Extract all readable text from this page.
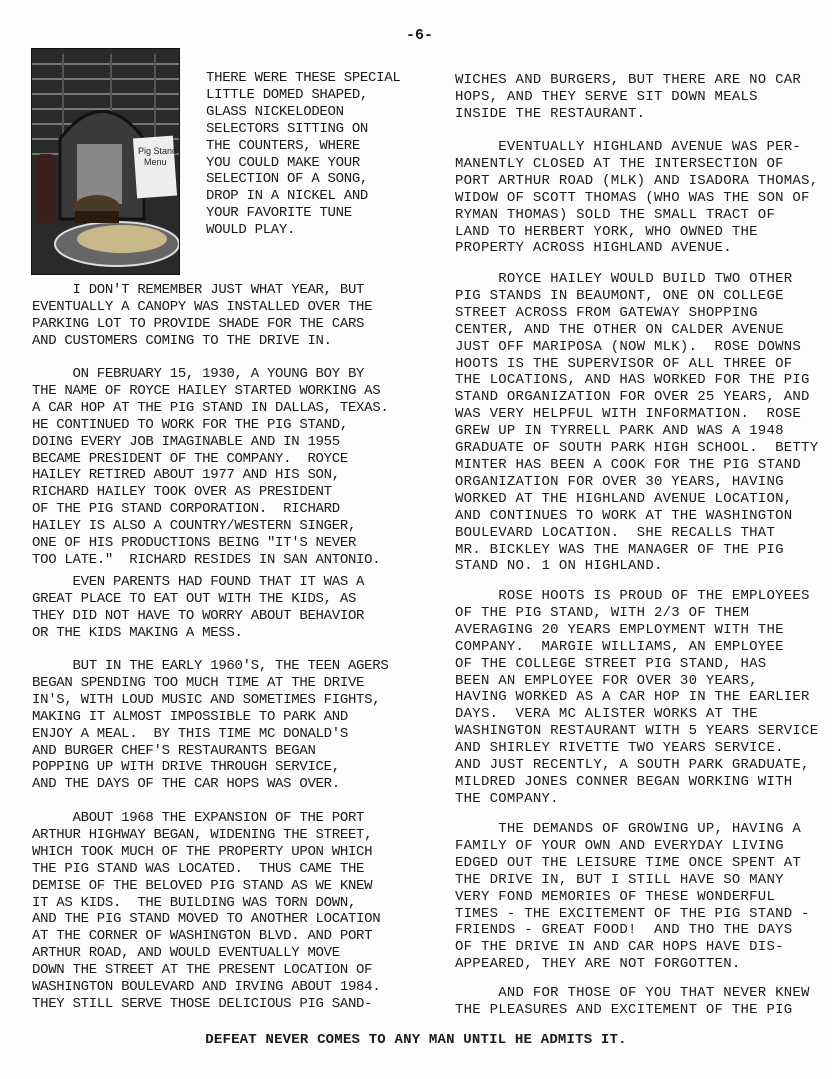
-6-
Pig Stand
Menu
THERE WERE THESE SPECIAL
LITTLE DOMED SHAPED,
GLASS NICKELODEON
SELECTORS SITTING ON
THE COUNTERS, WHERE
YOU COULD MAKE YOUR
SELECTION OF A SONG,
DROP IN A NICKEL AND
YOUR FAVORITE TUNE
WOULD PLAY.
I DON'T REMEMBER JUST WHAT YEAR, BUT
EVENTUALLY A CANOPY WAS INSTALLED OVER THE
PARKING LOT TO PROVIDE SHADE FOR THE CARS
AND CUSTOMERS COMING TO THE DRIVE IN.
ON FEBRUARY 15, 1930, A YOUNG BOY BY
THE NAME OF ROYCE HAILEY STARTED WORKING AS
A CAR HOP AT THE PIG STAND IN DALLAS, TEXAS.
HE CONTINUED TO WORK FOR THE PIG STAND,
DOING EVERY JOB IMAGINABLE AND IN 1955
BECAME PRESIDENT OF THE COMPANY.  ROYCE
HAILEY RETIRED ABOUT 1977 AND HIS SON,
RICHARD HAILEY TOOK OVER AS PRESIDENT
OF THE PIG STAND CORPORATION.  RICHARD
HAILEY IS ALSO A COUNTRY/WESTERN SINGER,
ONE OF HIS PRODUCTIONS BEING "IT'S NEVER
TOO LATE."  RICHARD RESIDES IN SAN ANTONIO.
EVEN PARENTS HAD FOUND THAT IT WAS A
GREAT PLACE TO EAT OUT WITH THE KIDS, AS
THEY DID NOT HAVE TO WORRY ABOUT BEHAVIOR
OR THE KIDS MAKING A MESS.
BUT IN THE EARLY 1960'S, THE TEEN AGERS
BEGAN SPENDING TOO MUCH TIME AT THE DRIVE
IN'S, WITH LOUD MUSIC AND SOMETIMES FIGHTS,
MAKING IT ALMOST IMPOSSIBLE TO PARK AND
ENJOY A MEAL.  BY THIS TIME MC DONALD'S
AND BURGER CHEF'S RESTAURANTS BEGAN
POPPING UP WITH DRIVE THROUGH SERVICE,
AND THE DAYS OF THE CAR HOPS WAS OVER.
ABOUT 1968 THE EXPANSION OF THE PORT
ARTHUR HIGHWAY BEGAN, WIDENING THE STREET,
WHICH TOOK MUCH OF THE PROPERTY UPON WHICH
THE PIG STAND WAS LOCATED.  THUS CAME THE
DEMISE OF THE BELOVED PIG STAND AS WE KNEW
IT AS KIDS.  THE BUILDING WAS TORN DOWN,
AND THE PIG STAND MOVED TO ANOTHER LOCATION
AT THE CORNER OF WASHINGTON BLVD. AND PORT
ARTHUR ROAD, AND WOULD EVENTUALLY MOVE
DOWN THE STREET AT THE PRESENT LOCATION OF
WASHINGTON BOULEVARD AND IRVING ABOUT 1984.
THEY STILL SERVE THOSE DELICIOUS PIG SAND-
WICHES AND BURGERS, BUT THERE ARE NO CAR
HOPS, AND THEY SERVE SIT DOWN MEALS
INSIDE THE RESTAURANT.
EVENTUALLY HIGHLAND AVENUE WAS PER-
MANENTLY CLOSED AT THE INTERSECTION OF
PORT ARTHUR ROAD (MLK) AND ISADORA THOMAS,
WIDOW OF SCOTT THOMAS (WHO WAS THE SON OF
RYMAN THOMAS) SOLD THE SMALL TRACT OF
LAND TO HERBERT YORK, WHO OWNED THE
PROPERTY ACROSS HIGHLAND AVENUE.
ROYCE HAILEY WOULD BUILD TWO OTHER
PIG STANDS IN BEAUMONT, ONE ON COLLEGE
STREET ACROSS FROM GATEWAY SHOPPING
CENTER, AND THE OTHER ON CALDER AVENUE
JUST OFF MARIPOSA (NOW MLK).  ROSE DOWNS
HOOTS IS THE SUPERVISOR OF ALL THREE OF
THE LOCATIONS, AND HAS WORKED FOR THE PIG
STAND ORGANIZATION FOR OVER 25 YEARS, AND
WAS VERY HELPFUL WITH INFORMATION.  ROSE
GREW UP IN TYRRELL PARK AND WAS A 1948
GRADUATE OF SOUTH PARK HIGH SCHOOL.  BETTY
MINTER HAS BEEN A COOK FOR THE PIG STAND
ORGANIZATION FOR OVER 30 YEARS, HAVING
WORKED AT THE HIGHLAND AVENUE LOCATION,
AND CONTINUES TO WORK AT THE WASHINGTON
BOULEVARD LOCATION.  SHE RECALLS THAT
MR. BICKLEY WAS THE MANAGER OF THE PIG
STAND NO. 1 ON HIGHLAND.
ROSE HOOTS IS PROUD OF THE EMPLOYEES
OF THE PIG STAND, WITH 2/3 OF THEM
AVERAGING 20 YEARS EMPLOYMENT WITH THE
COMPANY.  MARGIE WILLIAMS, AN EMPLOYEE
OF THE COLLEGE STREET PIG STAND, HAS
BEEN AN EMPLOYEE FOR OVER 30 YEARS,
HAVING WORKED AS A CAR HOP IN THE EARLIER
DAYS.  VERA MC ALISTER WORKS AT THE
WASHINGTON RESTAURANT WITH 5 YEARS SERVICE
AND SHIRLEY RIVETTE TWO YEARS SERVICE.
AND JUST RECENTLY, A SOUTH PARK GRADUATE,
MILDRED JONES CONNER BEGAN WORKING WITH
THE COMPANY.
THE DEMANDS OF GROWING UP, HAVING A
FAMILY OF YOUR OWN AND EVERYDAY LIVING
EDGED OUT THE LEISURE TIME ONCE SPENT AT
THE DRIVE IN, BUT I STILL HAVE SO MANY
VERY FOND MEMORIES OF THESE WONDERFUL
TIMES - THE EXCITEMENT OF THE PIG STAND -
FRIENDS - GREAT FOOD!  AND THO THE DAYS
OF THE DRIVE IN AND CAR HOPS HAVE DIS-
APPEARED, THEY ARE NOT FORGOTTEN.
AND FOR THOSE OF YOU THAT NEVER KNEW
THE PLEASURES AND EXCITEMENT OF THE PIG
DEFEAT NEVER COMES TO ANY MAN UNTIL HE ADMITS IT.
